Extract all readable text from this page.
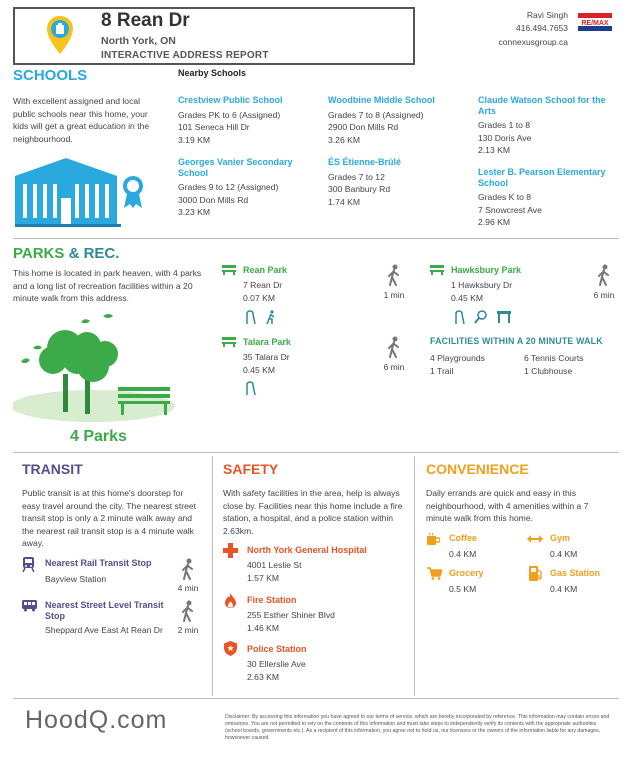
8 Rean Dr
North York, ON
INTERACTIVE ADDRESS REPORT
Ravi Singh
416.494.7653
connexusgroup.ca
RE/MAX
SCHOOLS	Nearby Schools
With excellent assigned and local public schools near this home, your kids will get a great education in the neighbourhood.
Crestview Public School
Grades PK to 6 (Assigned)
101 Seneca Hill Dr
3.19 KM
Woodbine Middle School
Grades 7 to 8 (Assigned)
2900 Don Mills Rd
3.26 KM
Claude Watson School for the Arts
Grades 1 to 8
130 Doris Ave
2.13 KM
Georges Vanier Secondary School
Grades 9 to 12 (Assigned)
3000 Don Mills Rd
3.23 KM
ÉS Étienne-Brûlé
Grades 7 to 12
300 Banbury Rd
1.74 KM
Lester B. Pearson Elementary School
Grades K to 8
7 Snowcrest Ave
2.96 KM
PARKS & REC.
This home is located in park heaven, with 4 parks and a long list of recreation facilities within a 20 minute walk from this address.
4 Parks
Rean Park
7 Rean Dr
0.07 KM	1 min
Hawksbury Park
1 Hawksbury Dr
0.45 KM	6 min
Talara Park
35 Talara Dr
0.45 KM	6 min
FACILITIES WITHIN A 20 MINUTE WALK
4 Playgrounds	6 Tennis Courts
1 Trail	1 Clubhouse
TRANSIT
Public transit is at this home's doorstep for easy travel around the city. The nearest street transit stop is only a 2 minute walk away and the nearest rail transit stop is a 4 minute walk away.
Nearest Rail Transit Stop
Bayview Station
4 min
Nearest Street Level Transit Stop
Sheppard Ave East At Rean Dr	2 min
SAFETY
With safety facilities in the area, help is always close by. Facilities near this home include a fire station, a hospital, and a police station within 2.63km.
North York General Hospital
4001 Leslie St
1.57 KM
Fire Station
255 Esther Shiner Blvd
1.46 KM
Police Station
30 Ellerslie Ave
2.63 KM
CONVENIENCE
Daily errands are quick and easy in this neighbourhood, with 4 amenities within a 7 minute walk from this home.
Coffee
0.4 KM
Gym
0.4 KM
Grocery
0.5 KM
Gas Station
0.4 KM
HoodQ.com	Disclaimer: By accessing this information you have agreed to our terms of service, which are hereby incorporated by reference. This information may contain errors and omissions. You are not permitted to rely on the contents of this information and must take steps to independently verify its contents with the appropriate authorities (school boards, governments etc.). As a recipient of this information, you agree not to hold us, our licensors or the owners of the information liable for any damages, howsoever caused.
